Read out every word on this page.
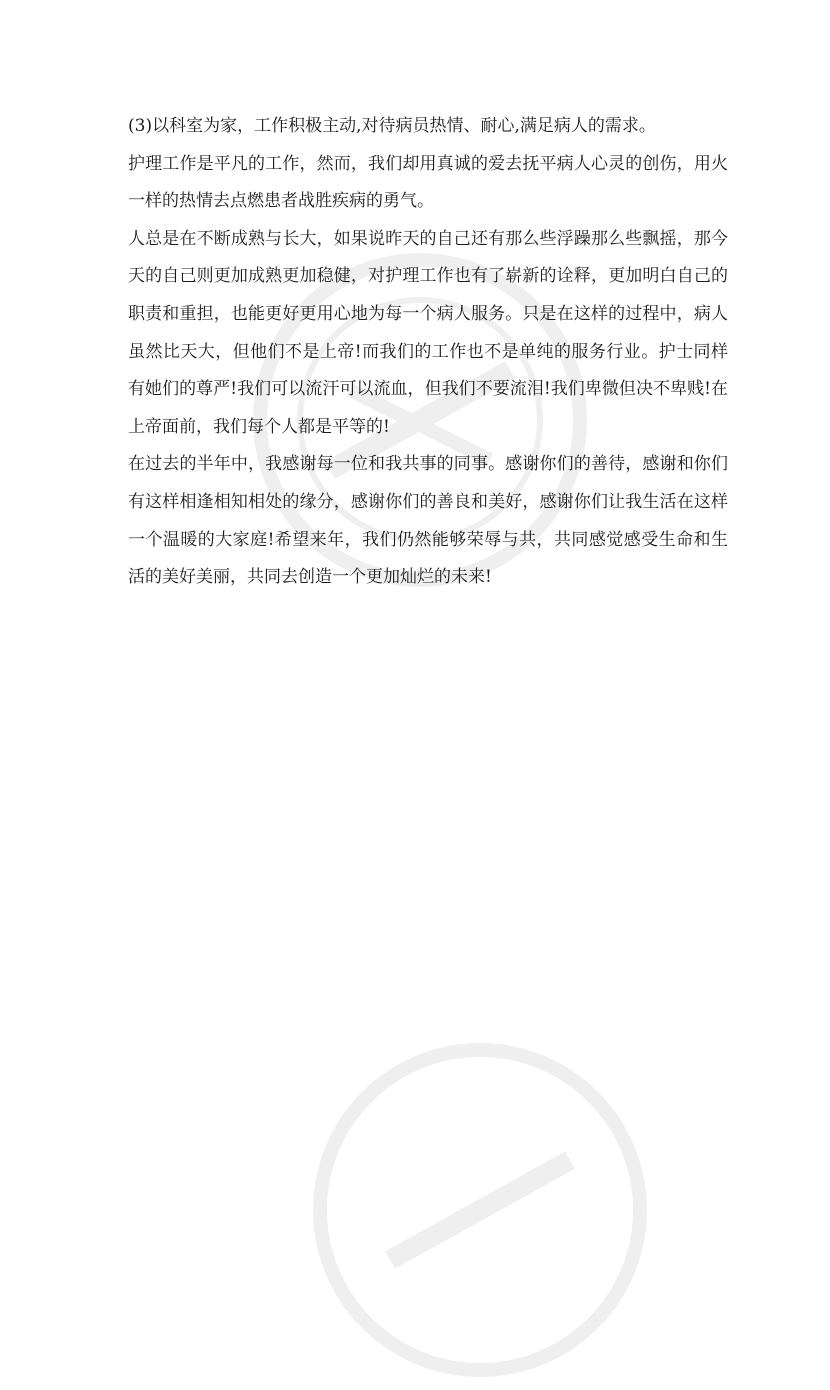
(3)以科室为家，工作积极主动,对待病员热情、耐心,满足病人的需求。

护理工作是平凡的工作，然而，我们却用真诚的爱去抚平病人心灵的创伤，用火一样的热情去点燃患者战胜疾病的勇气。

人总是在不断成熟与长大，如果说昨天的自己还有那么些浮躁那么些飘摇，那今天的自己则更加成熟更加稳健，对护理工作也有了崭新的诠释，更加明白自己的职责和重担，也能更好更用心地为每一个病人服务。只是在这样的过程中，病人虽然比天大，但他们不是上帝!而我们的工作也不是单纯的服务行业。护士同样有她们的尊严!我们可以流汗可以流血，但我们不要流泪!我们卑微但决不卑贱!在上帝面前，我们每个人都是平等的!

在过去的半年中，我感谢每一位和我共事的同事。感谢你们的善待，感谢和你们有这样相逢相知相处的缘分，感谢你们的善良和美好，感谢你们让我生活在这样一个温暖的大家庭!希望来年，我们仍然能够荣辱与共，共同感觉感受生命和生活的美好美丽，共同去创造一个更加灿烂的未来!
